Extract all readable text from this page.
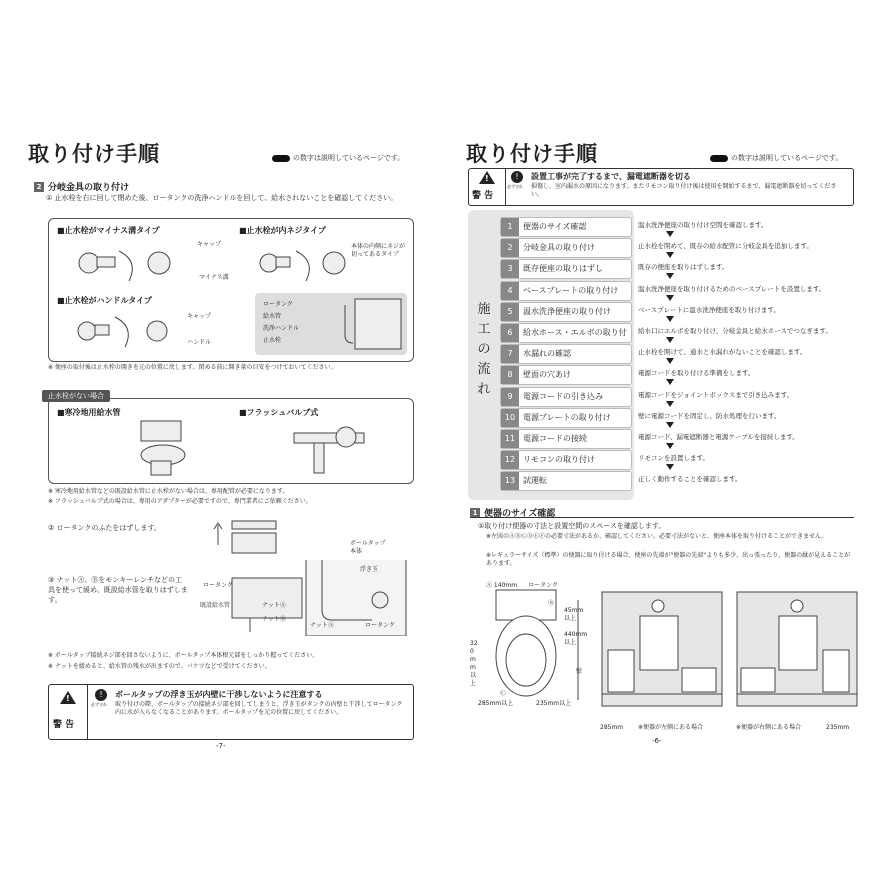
取り付け手順	の数字は説明しているページです。
2 分岐金具の取り付け
① 止水栓を右に回して閉めた後、ロータンクの洗浄ハンドルを回して、給水されないことを確認してください。
■止水栓がマイナス溝タイプ	■止水栓が内ネジタイプ
■止水栓がハンドルタイプ
キャップ
マイナス溝
本体の内側にネジが切ってあるタイプ
キャップ
ハンドル
ロータンク
給水管
洗浄ハンドル
止水栓
※ 便座の取付後は止水栓の開きを元の位置に戻します。閉める前に開き量の目安をつけておいてください。
■寒冷地用給水管	■フラッシュバルブ式
止水栓がない場合
※ 寒冷地用給水管などの既設給水管に止水栓がない場合は、専用配管が必要になります。
※ フラッシュバルブ式の場合は、専用のアダプターが必要ですので、専門業者にご依頼ください。
② ロータンクのふたをはずします。
③ ナットⒶ、Ⓑをモンキーレンチなどの工具を使って緩め、既設給水管を取りはずします。
ボールタップ本体
浮き玉
ロータンク
既設給水管	ナットⒶ
ナットⒷ
ナットⒶ	ロータンク
※ ボールタップ接続ネジ部を回さないように、ボールタップ本体根元部をしっかり握ってください。
※ ナットを緩めると、給水管の残水が出ますので、バケツなどで受けてください。
!
警 告
!
必ず守れ
ボールタップの浮き玉が内壁に干渉しないように注意する
取り付けの際、ボールタップの接続ネジ部を回してしまうと、浮き玉がタンクの内壁と干渉してロータンク内に水が入らなくなることがあります。ボールタップを元の位置に戻してください。
-7-
取り付け手順	の数字は説明しているページです。
!
警 告
!
必ず守れ
設置工事が完了するまで、漏電遮断器を切る
損傷し、室内漏水の原因になります。またリモコン取り付け後は使用を開始するまで、漏電遮断器を切ってください。
施
工
の
流
れ
1 便器のサイズ確認	温水洗浄便座の取り付け空間を確認します。
2 分岐金具の取り付け	止水栓を閉めて、既存の給水配管に分岐金具を追加します。
3 既存便座の取りはずし	既存の便座を取りはずします。
4 ベースプレートの取り付け	温水洗浄便座を取り付けるためのベースプレートを設置します。
5 温水洗浄便座の取り付け	ベースプレートに温水洗浄便座を取り付けます。
6 給水ホース・エルボの取り付	給水口にエルボを取り付け、分岐金具と給水ホースでつなぎます。
7 水漏れの確認	止水栓を開けて、通水と水漏れがないことを確認します。
8 壁面の穴あけ	電源コードを取り付ける準備をします。
9 電源コードの引き込み	電源コードをジョイントボックスまで引き込みます。
10 電源プレートの取り付け	壁に電源コードを固定し、防水処理を行います。
11 電源コードの接続	電源コード、漏電遮断器と電源ケーブルを接続します。
12 リモコンの取り付け	リモコンを設置します。
13 試運転	正しく動作することを確認します。
1 便器のサイズ確認
①取り付け便器の寸法と設置空間のスペースを確認します。
※左図のⒶⒷⒸⒹⒺⒻの必要寸法があるか、確認してください。必要寸法がないと、便座本体を取り付けることができません。
※レギュラーサイズ（標準）の便器に取り付ける場合、便座の先端が"便器の先端"よりも多少、出っ張ったり、便器の縁が見えることがあります。
Ⓐ 140mm ロータンク
Ⓑ
45mm 以上
440mm 以上
320mm以上
壁
Ⓒ
285mm以上	235mm以上
285mm ※便器が左側にある場合	※便器が右側にある場合	235mm
-6-
